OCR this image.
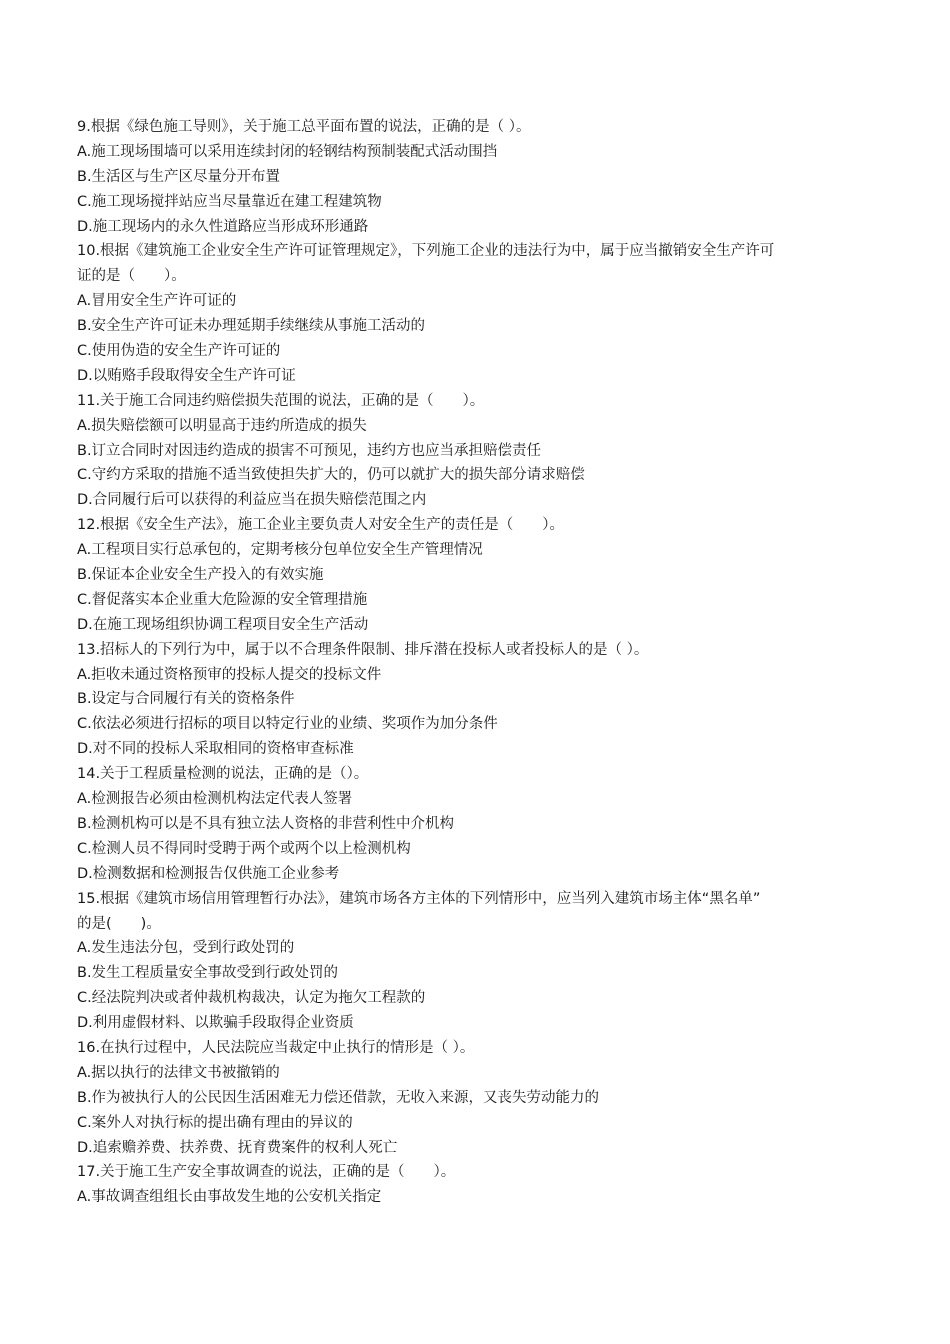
9.根据《绿色施工导则》，关于施工总平面布置的说法，正确的是（ ）。
A.施工现场围墙可以采用连续封闭的轻钢结构预制装配式活动围挡
B.生活区与生产区尽量分开布置
C.施工现场搅拌站应当尽量靠近在建工程建筑物
D.施工现场内的永久性道路应当形成环形通路
10.根据《建筑施工企业安全生产许可证管理规定》，下列施工企业的违法行为中，属于应当撤销安全生产许可
证的是（　　）。
A.冒用安全生产许可证的
B.安全生产许可证未办理延期手续继续从事施工活动的
C.使用伪造的安全生产许可证的
D.以贿赂手段取得安全生产许可证
11.关于施工合同违约赔偿损失范围的说法，正确的是（　　）。
A.损失赔偿额可以明显高于违约所造成的损失
B.订立合同时对因违约造成的损害不可预见，违约方也应当承担赔偿责任
C.守约方采取的措施不适当致使担失扩大的，仍可以就扩大的损失部分请求赔偿
D.合同履行后可以获得的利益应当在损失赔偿范围之内
12.根据《安全生产法》，施工企业主要负责人对安全生产的责任是（　　）。
A.工程项目实行总承包的，定期考核分包单位安全生产管理情况
B.保证本企业安全生产投入的有效实施
C.督促落实本企业重大危险源的安全管理措施
D.在施工现场组织协调工程项目安全生产活动
13.招标人的下列行为中，属于以不合理条件限制、排斥潜在投标人或者投标人的是（ ）。
A.拒收未通过资格预审的投标人提交的投标文件
B.设定与合同履行有关的资格条件
C.依法必须进行招标的项目以特定行业的业绩、奖项作为加分条件
D.对不同的投标人采取相同的资格审查标准
14.关于工程质量检测的说法，正确的是（）。
A.检测报告必须由检测机构法定代表人签署
B.检测机构可以是不具有独立法人资格的非营利性中介机构
C.检测人员不得同时受聘于两个或两个以上检测机构
D.检测数据和检测报告仅供施工企业参考
15.根据《建筑市场信用管理暂行办法》，建筑市场各方主体的下列情形中，应当列入建筑市场主体“黑名单”
的是(　　)。
A.发生违法分包，受到行政处罚的
B.发生工程质量安全事故受到行政处罚的
C.经法院判决或者仲裁机构裁决，认定为拖欠工程款的
D.利用虚假材料、以欺骗手段取得企业资质
16.在执行过程中，人民法院应当裁定中止执行的情形是（ ）。
A.据以执行的法律文书被撤销的
B.作为被执行人的公民因生活困难无力偿还借款，无收入来源，又丧失劳动能力的
C.案外人对执行标的提出确有理由的异议的
D.追索赡养费、扶养费、抚育费案件的权利人死亡
17.关于施工生产安全事故调查的说法，正确的是（　　）。
A.事故调查组组长由事故发生地的公安机关指定
